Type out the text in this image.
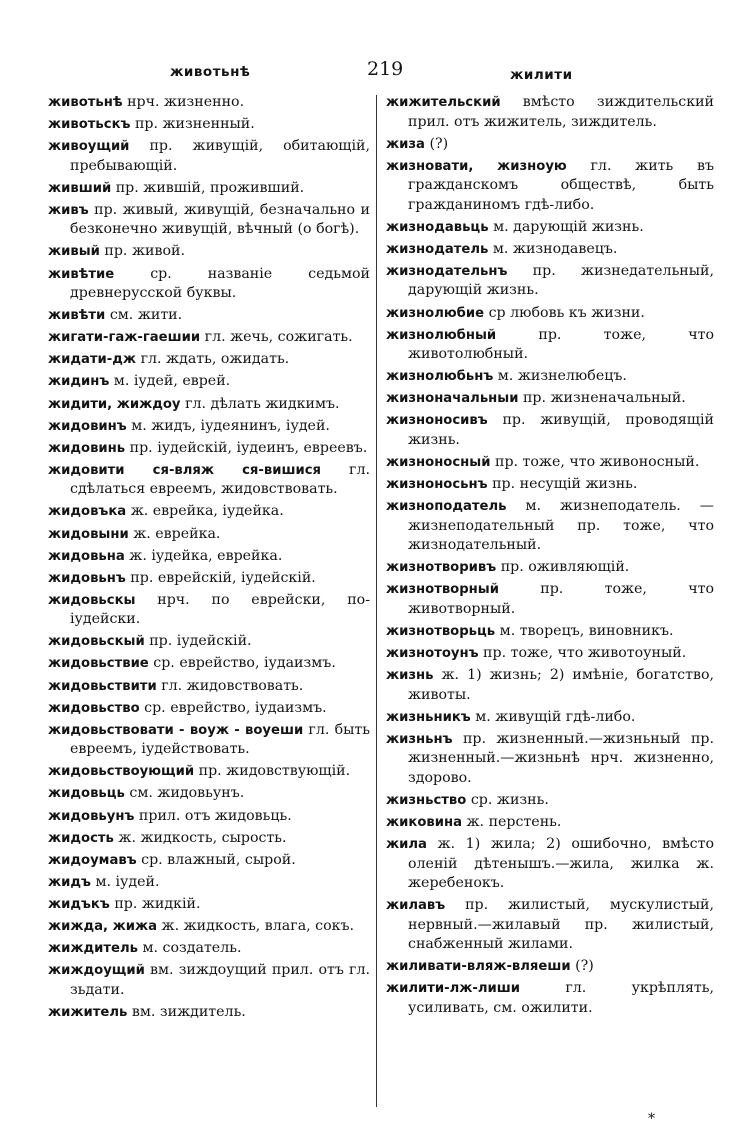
животьнѣ	219	жилити
животьнѣ нрч. жизненно.
животьскъ пр. жизненный.
живоущий пр. живущій, обитающій, пребывающій.
живший пр. жившій, проживший.
живъ пр. живый, живущій, безначально и безконечно живущій, вѣчный (о богѣ).
живый пр. живой.
живѣтие	ср. названіе седьмой древнерусской буквы.
живѣти см. жити.
жигати-гаж-гаешии гл. жечь, сожигать.
жидати-дж гл. ждать, ожидать.
жидинъ м. іудей, еврей.
жидити, жиждоу гл. дѣлать жидкимъ.
жидовинъ м. жидъ, іудеянинъ, іудей.
жидовинь пр. іудейскій, іудеинъ, евреевъ.
жидовити ся-вляж ся-вишися гл. сдѣлаться евреемъ, жидовствовать.
жидовъка ж. еврейка, іудейка.
жидовыни ж. еврейка.
жидовьна ж. іудейка, еврейка.
жидовьнъ пр. еврейскій, іудейскій.
жидовьскы нрч. по еврейски, по-іудейски.
жидовьскый пр. іудейскій.
жидовьствие ср. еврейство, іудаизмъ.
жидовьствити гл. жидовствовать.
жидовьство ср. еврейство, іудаизмъ.
жидовьствовати - воуж - воуеши гл. быть евреемъ, іудействовать.
жидовьствоующий пр. жидовствующій.
жидовьць см. жидовьунъ.
жидовьунъ прил. отъ жидовьць.
жидость ж. жидкость, сырость.
жидоумавъ ср. влажный, сырой.
жидъ м. іудей.
жидъкъ пр. жидкій.
жижда, жижа ж. жидкость, влага, сокъ.
жиждитель м. создатель.
жиждоущий вм. зиждоущий прил. отъ гл. зьдати.
жижитель вм. зиждитель.
жижительский вмѣсто зиждительский прил. отъ жижитель, зиждитель.
жиза (?)
жизновати, жизноую гл. жить въ гражданскомъ обществѣ, быть гражданиномъ гдѣ-либо.
жизнодавьць м. дарующій жизнь.
жизнодатель м. жизнодавецъ.
жизнодательнъ пр. жизнедательный, дарующій жизнь.
жизнолюбие ср любовь къ жизни.
жизнолюбный	пр. тоже, что животолюбный.
жизнолюбьнъ м. жизнелюбецъ.
жизноначальныи пр. жизненачальный.
жизноносивъ пр. живущій, проводящій жизнь.
жизноносный пр. тоже, что живоносный.
жизноносьнъ пр. несущій жизнь.
жизноподатель м. жизнеподатель. — жизнеподательный пр. тоже, что жизнодательный.
жизнотворивъ пр. оживляющій.
жизнотворный	пр. тоже, что животворный.
жизнотворьць м. творецъ, виновникъ.
жизнотоунъ пр. тоже, что животоуный.
жизнь ж. 1) жизнь; 2) имѣніе, богатство, животы.
жизньникъ м. живущій гдѣ-либо.
жизньнъ пр. жизненный.—жизньный пр. жизненный.—жизньнѣ нрч. жизненно, здорово.
жизньство ср. жизнь.
жиковина ж. перстень.
жила ж. 1) жила; 2) ошибочно, вмѣсто оленій дѣтенышъ.—жила, жилка ж. жеребенокъ.
жилавъ пр. жилистый, мускулистый, нервный.—жилавый пр. жилистый, снабженный жилами.
жиливати-вляж-вляеши (?)
жилити-лж-лиши	гл. укрѣплять, усиливать, см. ожилити.
*
